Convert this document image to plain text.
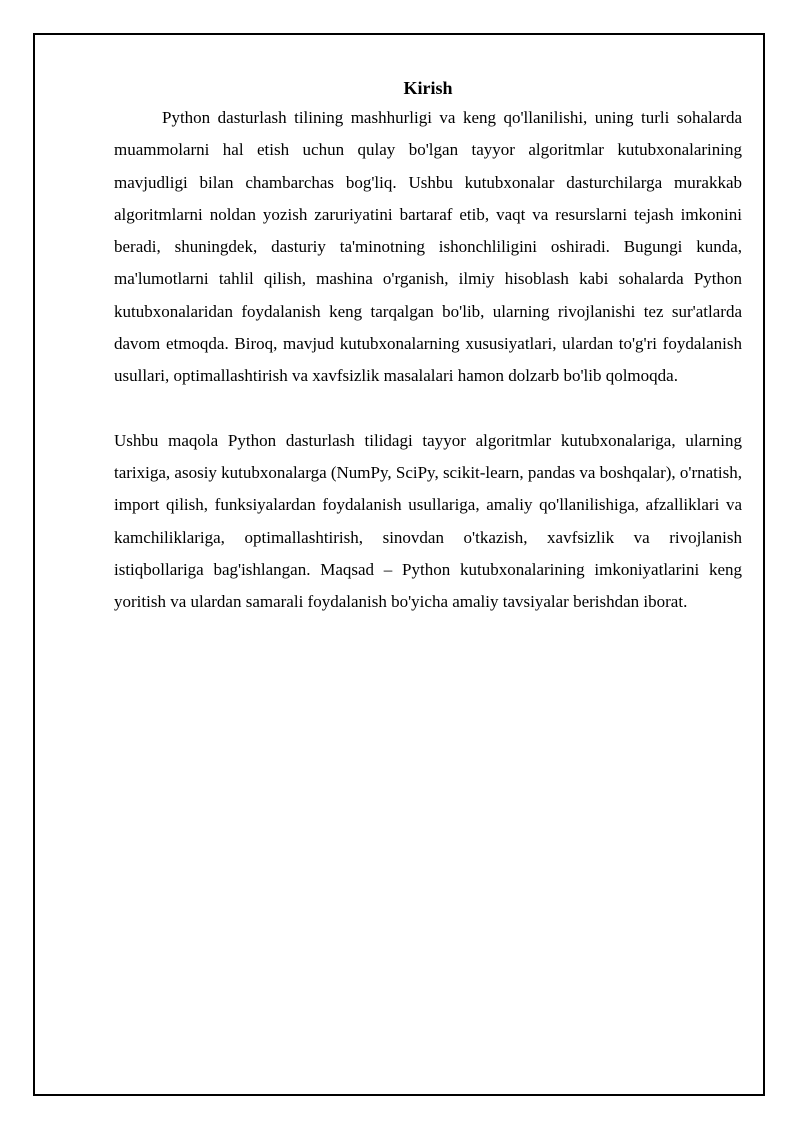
Kirish

Python dasturlash tilining mashhurligi va keng qo'llanilishi, uning turli sohalarda muammolarni hal etish uchun qulay bo'lgan tayyor algoritmlar kutubxonalarining mavjudligi bilan chambarchas bog'liq. Ushbu kutubxonalar dasturchilarga murakkab algoritmlarni noldan yozish zaruriyatini bartaraf etib, vaqt va resurslarni tejash imkonini beradi, shuningdek, dasturiy ta'minotning ishonchliligini oshiradi. Bugungi kunda, ma'lumotlarni tahlil qilish, mashina o'rganish, ilmiy hisoblash kabi sohalarda Python kutubxonalaridan foydalanish keng tarqalgan bo'lib, ularning rivojlanishi tez sur'atlarda davom etmoqda. Biroq, mavjud kutubxonalarning xususiyatlari, ulardan to'g'ri foydalanish usullari, optimallashtirish va xavfsizlik masalalari hamon dolzarb bo'lib qolmoqda.

Ushbu maqola Python dasturlash tilidagi tayyor algoritmlar kutubxonalariga, ularning tarixiga, asosiy kutubxonalarga (NumPy, SciPy, scikit-learn, pandas va boshqalar), o'rnatish, import qilish, funksiyalardan foydalanish usullariga, amaliy qo'llanilishiga, afzalliklari va kamchiliklariga, optimallashtirish, sinovdan o'tkazish, xavfsizlik va rivojlanish istiqbollariga bag'ishlangan. Maqsad – Python kutubxonalarining imkoniyatlarini keng yoritish va ulardan samarali foydalanish bo'yicha amaliy tavsiyalar berishdan iborat.
